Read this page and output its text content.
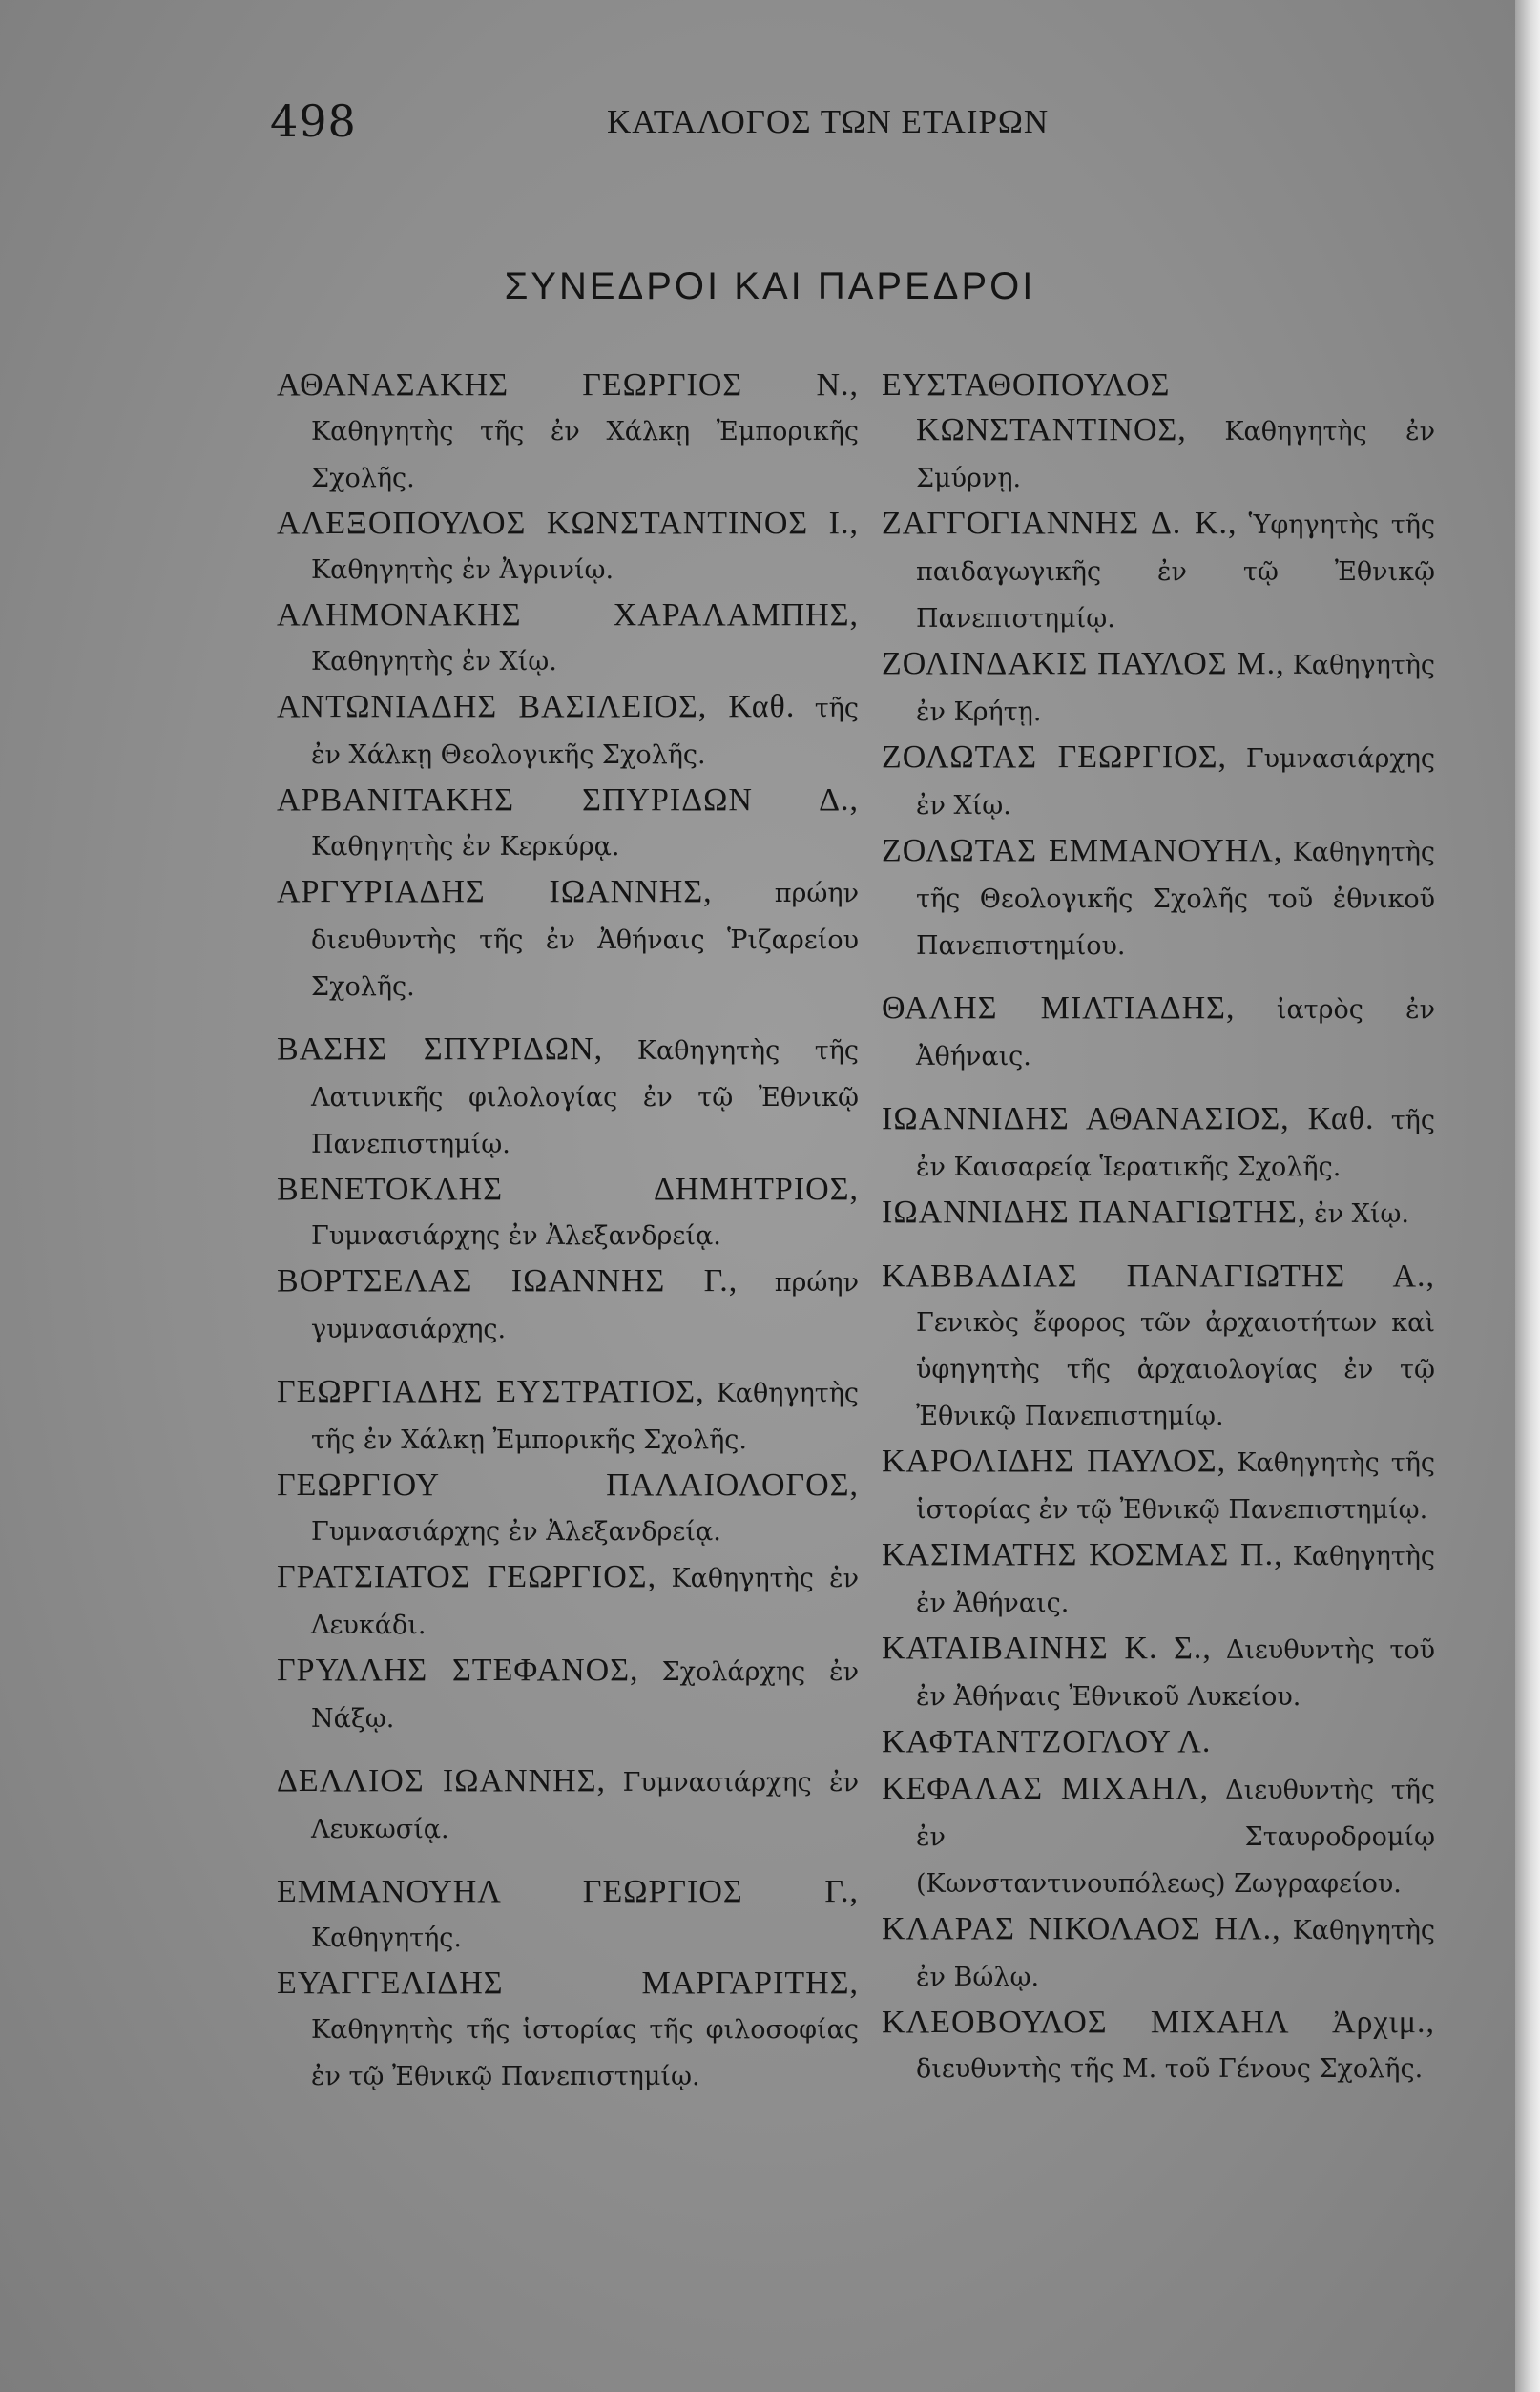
498	ΚΑΤΑΛΟΓΟΣ ΤΩΝ ΕΤΑΙΡΩΝ
ΣΥΝΕΔΡΟΙ ΚΑΙ ΠΑΡΕΔΡΟΙ
ΑΘΑΝΑΣΑΚΗΣ ΓΕΩΡΓΙΟΣ Ν., Καθηγητὴς τῆς ἐν Χάλκῃ Ἐμπορικῆς Σχολῆς.
ΑΛΕΞΟΠΟΥΛΟΣ ΚΩΝΣΤΑΝΤΙΝΟΣ Ι., Καθηγητὴς ἐν Ἀγρινίῳ.
ΑΛΗΜΟΝΑΚΗΣ ΧΑΡΑΛΑΜΠΗΣ, Καθηγητὴς ἐν Χίῳ.
ΑΝΤΩΝΙΑΔΗΣ ΒΑΣΙΛΕΙΟΣ, Καθ. τῆς ἐν Χάλκῃ Θεολογικῆς Σχολῆς.
ΑΡΒΑΝΙΤΑΚΗΣ ΣΠΥΡΙΔΩΝ Δ., Καθηγητὴς ἐν Κερκύρᾳ.
ΑΡΓΥΡΙΑΔΗΣ ΙΩΑΝΝΗΣ, πρώην διευθυντὴς τῆς ἐν Ἀθήναις Ῥιζαρείου Σχολῆς.
ΒΑΣΗΣ ΣΠΥΡΙΔΩΝ, Καθηγητὴς τῆς Λατινικῆς φιλολογίας ἐν τῷ Ἐθνικῷ Πανεπιστημίῳ.
ΒΕΝΕΤΟΚΛΗΣ ΔΗΜΗΤΡΙΟΣ, Γυμνασιάρχης ἐν Ἀλεξανδρείᾳ.
ΒΟΡΤΣΕΛΑΣ ΙΩΑΝΝΗΣ Γ., πρώην γυμνασιάρχης.
ΓΕΩΡΓΙΑΔΗΣ ΕΥΣΤΡΑΤΙΟΣ, Καθηγητὴς τῆς ἐν Χάλκῃ Ἐμπορικῆς Σχολῆς.
ΓΕΩΡΓΙΟΥ ΠΑΛΑΙΟΛΟΓΟΣ, Γυμνασιάρχης ἐν Ἀλεξανδρείᾳ.
ΓΡΑΤΣΙΑΤΟΣ ΓΕΩΡΓΙΟΣ, Καθηγητὴς ἐν Λευκάδι.
ΓΡΥΛΛΗΣ ΣΤΕΦΑΝΟΣ, Σχολάρχης ἐν Νάξῳ.
ΔΕΛΛΙΟΣ ΙΩΑΝΝΗΣ, Γυμνασιάρχης ἐν Λευκωσίᾳ.
ΕΜΜΑΝΟΥΗΛ ΓΕΩΡΓΙΟΣ Γ., Καθηγητής.
ΕΥΑΓΓΕΛΙΔΗΣ ΜΑΡΓΑΡΙΤΗΣ, Καθηγητὴς τῆς ἱστορίας τῆς φιλοσοφίας ἐν τῷ Ἐθνικῷ Πανεπιστημίῳ.
ΕΥΣΤΑΘΟΠΟΥΛΟΣ ΚΩΝΣΤΑΝΤΙΝΟΣ, Καθηγητὴς ἐν Σμύρνῃ.
ΖΑΓΓΟΓΙΑΝΝΗΣ Δ. Κ., Ὑφηγητὴς τῆς παιδαγωγικῆς ἐν τῷ Ἐθνικῷ Πανεπιστημίῳ.
ΖΟΛΙΝΔΑΚΙΣ ΠΑΥΛΟΣ Μ., Καθηγητὴς ἐν Κρήτῃ.
ΖΟΛΩΤΑΣ ΓΕΩΡΓΙΟΣ, Γυμνασιάρχης ἐν Χίῳ.
ΖΟΛΩΤΑΣ ΕΜΜΑΝΟΥΗΛ, Καθηγητὴς τῆς Θεολογικῆς Σχολῆς τοῦ ἐθνικοῦ Πανεπιστημίου.
ΘΑΛΗΣ ΜΙΛΤΙΑΔΗΣ, ἰατρὸς ἐν Ἀθήναις.
ΙΩΑΝΝΙΔΗΣ ΑΘΑΝΑΣΙΟΣ, Καθ. τῆς ἐν Καισαρείᾳ Ἱερατικῆς Σχολῆς.
ΙΩΑΝΝΙΔΗΣ ΠΑΝΑΓΙΩΤΗΣ, ἐν Χίῳ.
ΚΑΒΒΑΔΙΑΣ ΠΑΝΑΓΙΩΤΗΣ Α., Γενικὸς ἔφορος τῶν ἀρχαιοτήτων καὶ ὑφηγητὴς τῆς ἀρχαιολογίας ἐν τῷ Ἐθνικῷ Πανεπιστημίῳ.
ΚΑΡΟΛΙΔΗΣ ΠΑΥΛΟΣ, Καθηγητὴς τῆς ἱστορίας ἐν τῷ Ἐθνικῷ Πανεπιστημίῳ.
ΚΑΣΙΜΑΤΗΣ ΚΟΣΜΑΣ Π., Καθηγητὴς ἐν Ἀθήναις.
ΚΑΤΑΙΒΑΙΝΗΣ Κ. Σ., Διευθυντὴς τοῦ ἐν Ἀθήναις Ἐθνικοῦ Λυκείου.
ΚΑΦΤΑΝΤΖΟΓΛΟΥ Λ.
ΚΕΦΑΛΑΣ ΜΙΧΑΗΛ, Διευθυντὴς τῆς ἐν Σταυροδρομίῳ (Κωνσταντινουπόλεως) Ζωγραφείου.
ΚΛΑΡΑΣ ΝΙΚΟΛΑΟΣ ΗΛ., Καθηγητὴς ἐν Βώλῳ.
ΚΛΕΟΒΟΥΛΟΣ ΜΙΧΑΗΛ Ἀρχιμ., διευθυντὴς τῆς Μ. τοῦ Γένους Σχολῆς.
